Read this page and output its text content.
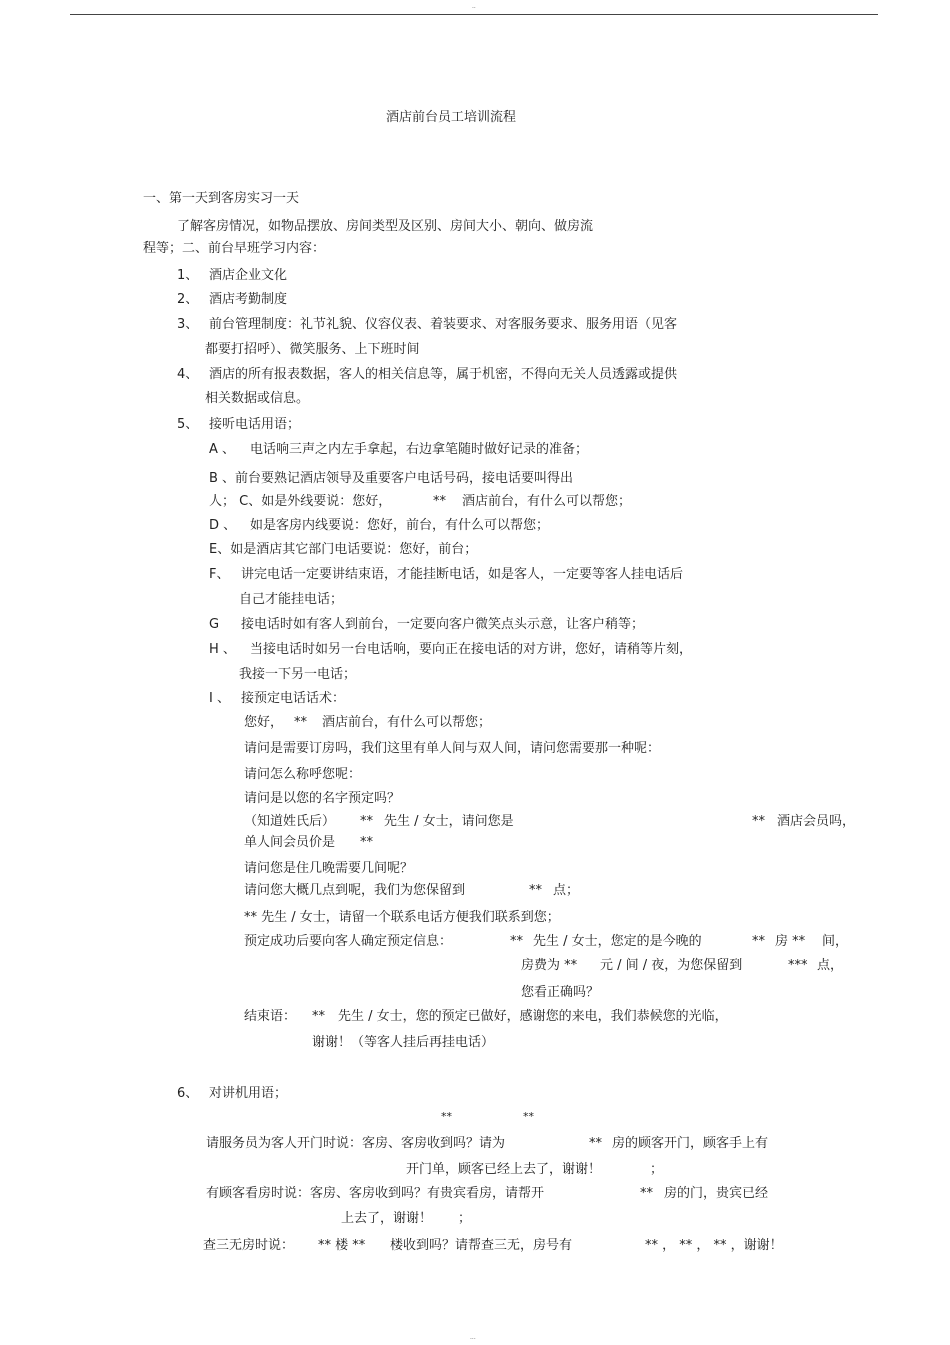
..
酒店前台员工培训流程
一、第一天到客房实习一天
了解客房情况，如物品摆放、房间类型及区别、房间大小、朝向、做房流
程等；二、前台早班学习内容：
1、 酒店企业文化
2、 酒店考勤制度
3、 前台管理制度：礼节礼貌、仪容仪表、着装要求、对客服务要求、服务用语（见客
都要打招呼）、微笑服务、上下班时间
4、 酒店的所有报表数据，客人的相关信息等，属于机密，不得向无关人员透露或提供
相关数据或信息。
5、 接听电话用语；
A 、 电话响三声之内左手拿起，右边拿笔随时做好记录的准备；
B 、前台要熟记酒店领导及重要客户电话号码，接电话要叫得出
人； C、如是外线要说：您好，	** 酒店前台，有什么可以帮您；
D 、 如是客房内线要说：您好，前台，有什么可以帮您；
E、如是酒店其它部门电话要说：您好，前台；
F、 讲完电话一定要讲结束语，才能挂断电话，如是客人，一定要等客人挂电话后
自己才能挂电话；
G 接电话时如有客人到前台，一定要向客户微笑点头示意，让客户稍等；
H 、 当接电话时如另一台电话响，要向正在接电话的对方讲，您好，请稍等片刻，
我接一下另一电话；
I 、 接预定电话话术：
您好， ** 酒店前台，有什么可以帮您；
请问是需要订房吗，我们这里有单人间与双人间，请问您需要那一种呢：
请问怎么称呼您呢：
请问是以您的名字预定吗？
（知道姓氏后） ** 先生 / 女士，请问您是	** 酒店会员吗，
单人间会员价是 **
请问您是住几晚需要几间呢？
请问您大概几点到呢，我们为您保留到	** 点；
** 先生 / 女士，请留一个联系电话方便我们联系到您；
预定成功后要向客人确定预定信息：	** 先生 / 女士，您定的是今晚的	** 房 ** 间，
房费为 ** 元 / 间 / 夜，为您保留到	*** 点，
您看正确吗？
结束语： ** 先生 / 女士，您的预定已做好，感谢您的来电，我们恭候您的光临，
谢谢！（等客人挂后再挂电话）
6、 对讲机用语；
**	**
请服务员为客人开门时说：客房、客房收到吗？请为	** 房的顾客开门，顾客手上有
开门单，顾客已经上去了，谢谢！	；
有顾客看房时说：客房、客房收到吗？有贵宾看房，请帮开	** 房的门，贵宾已经
上去了，谢谢！ ；
查三无房时说： ** 楼 ** 楼收到吗？请帮查三无，房号有	** ， ** ， ** ，谢谢！
...
